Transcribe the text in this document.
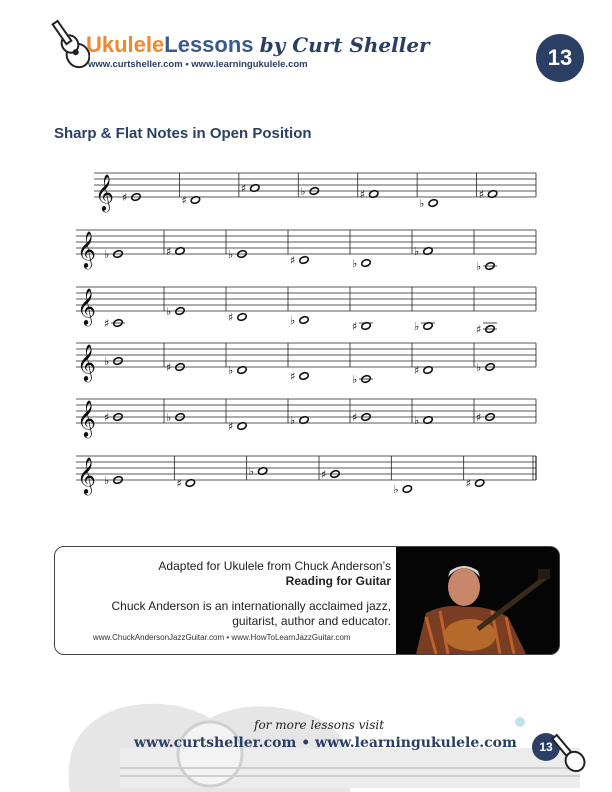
UkuleleLessons by Curt Sheller
www.curtsheller.com • www.learningukulele.com	13
Sharp & Flat Notes in Open Position
𝄞 ♯	♯
♯	♭	♯
♭
♯
𝄞 ♭	♯	♭	♯	♭
♭
♭
𝄞 ♯
♭	♯	♭	♯	♭	♯
𝄞 ♭	♯	♭	♯	♭
♯	♭
𝄞 ♯	♭
♯	♭	♯	♭	♯
𝄞 ♭	♯
♭	♯
♭	♯

Adapted for Ukulele from Chuck Anderson’s
Reading for Guitar

Chuck Anderson is an internationally acclaimed jazz, guitarist, author and educator.

www.ChuckAndersonJazzGuitar.com • www.HowToLearnJazzGuitar.com
for more lessons visit
www.curtsheller.com • www.learningukulele.com	13
